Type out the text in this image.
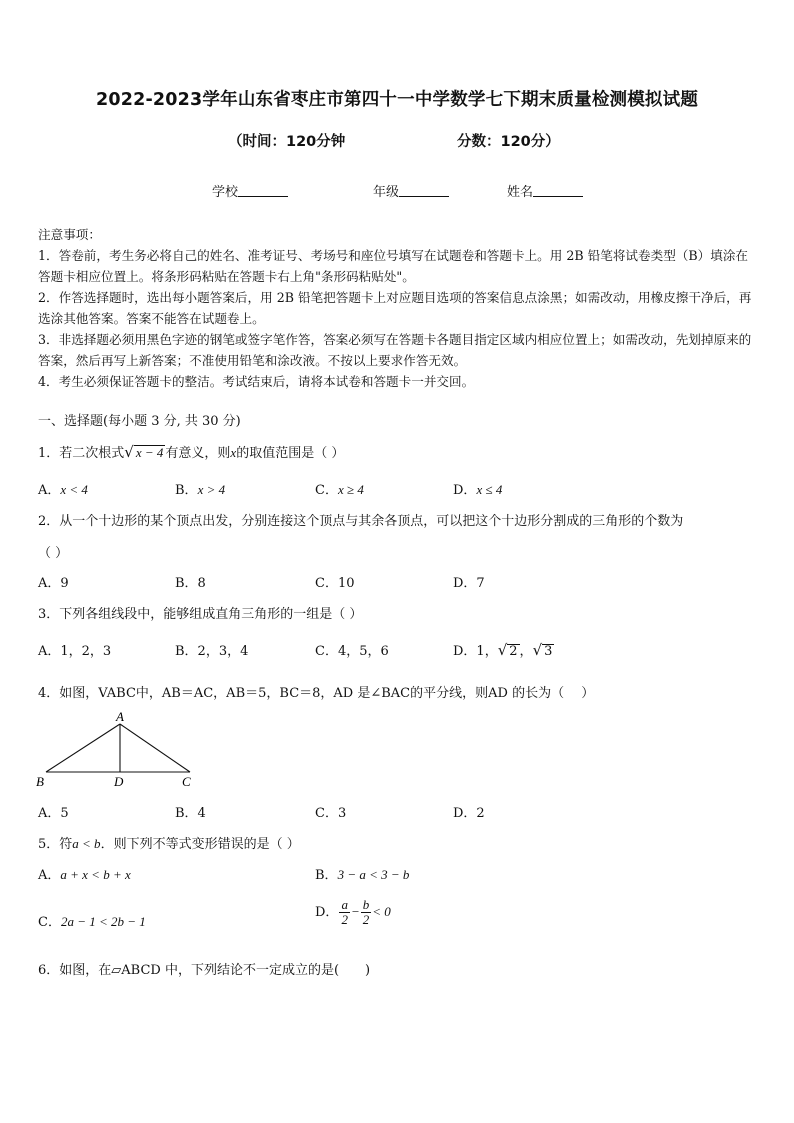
2022-2023学年山东省枣庄市第四十一中学数学七下期末质量检测模拟试题
（时间：120分钟	分数：120分）
学校	年级	姓名

注意事项：

1．答卷前，考生务必将自己的姓名、准考证号、考场号和座位号填写在试题卷和答题卡上。用 2B 铅笔将试卷类型（B）填涂在答题卡相应位置上。将条形码粘贴在答题卡右上角"条形码粘贴处"。

2．作答选择题时，选出每小题答案后，用 2B 铅笔把答题卡上对应题目选项的答案信息点涂黑；如需改动，用橡皮擦干净后，再选涂其他答案。答案不能答在试题卷上。

3．非选择题必须用黑色字迹的钢笔或签字笔作答，答案必须写在答题卡各题目指定区域内相应位置上；如需改动，先划掉原来的答案，然后再写上新答案；不准使用铅笔和涂改液。不按以上要求作答无效。

4．考生必须保证答题卡的整洁。考试结束后，请将本试卷和答题卡一并交回。

一、选择题(每小题 3 分, 共 30 分)
1．若二次根式√ x − 4 有意义，则x的取值范围是（ ）
A．x < 4	B．x > 4	C．x ≥ 4	D．x ≤ 4
2．从一个十边形的某个顶点出发，分别连接这个顶点与其余各顶点，可以把这个十边形分割成的三角形的个数为
（ ）
A．9	B．8	C．10	D．7
3．下列各组线段中，能够组成直角三角形的一组是（ ）
A．1，2，3	B．2，3，4	C．4，5，6	D．1，√ 2 ，√ 3
4．如图，VABC中，AB＝AC，AB＝5，BC＝8，AD 是∠BAC的平分线，则AD 的长为（　 ）
A
B	D	C
A．5	B．4	C．3	D．2
5．符a < b．则下列不等式变形错误的是（ ）
A．a + x < b + x	B．3 − a < 3 − b
C．2a − 1 < 2b − 1
D． $\frac{a}{2} - \frac{b}{2} < 0$
6．如图，在▱ABCD 中，下列结论不一定成立的是(　　)
